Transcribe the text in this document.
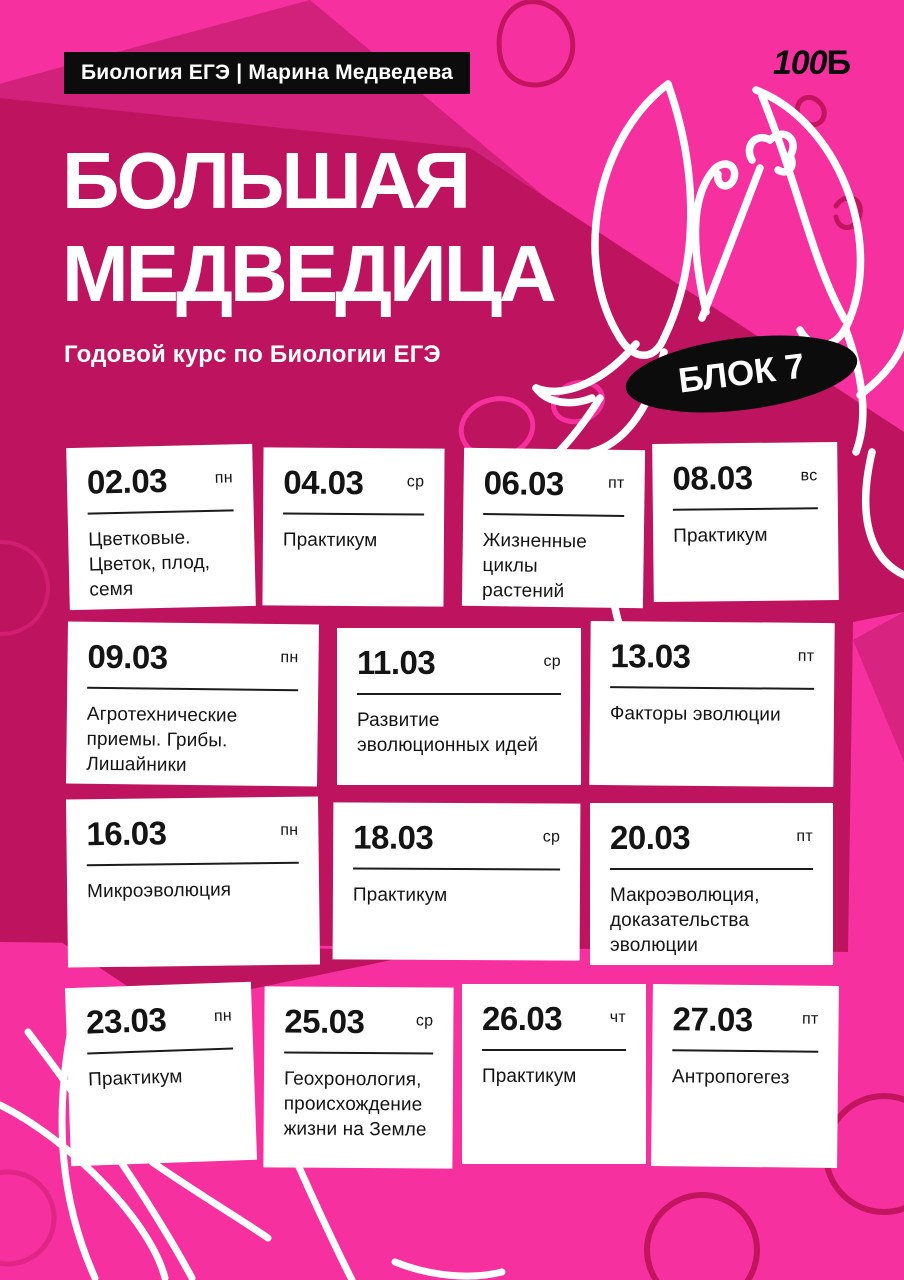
Биология ЕГЭ | Марина Медведева	100Б
БОЛЬШАЯ
МЕДВЕДИЦА
Годовой курс по Биологии ЕГЭ	БЛОК 7
02.03	пн
Цветковые. Цветок, плод, семя
04.03	ср
Практикум
06.03	пт
Жизненные циклы растений
08.03	вс
Практикум
09.03	пн
Агротехнические приемы. Грибы. Лишайники
11.03	ср
Развитие эволюционных идей
13.03	пт
Факторы эволюции
16.03	пн
Микроэволюция
18.03	ср
Практикум
20.03	пт
Макроэволюция, доказательства эволюции
23.03	пн
Практикум
25.03	ср
Геохронология, происхождение жизни на Земле
26.03	чт
Практикум
27.03	пт
Антропогегез
